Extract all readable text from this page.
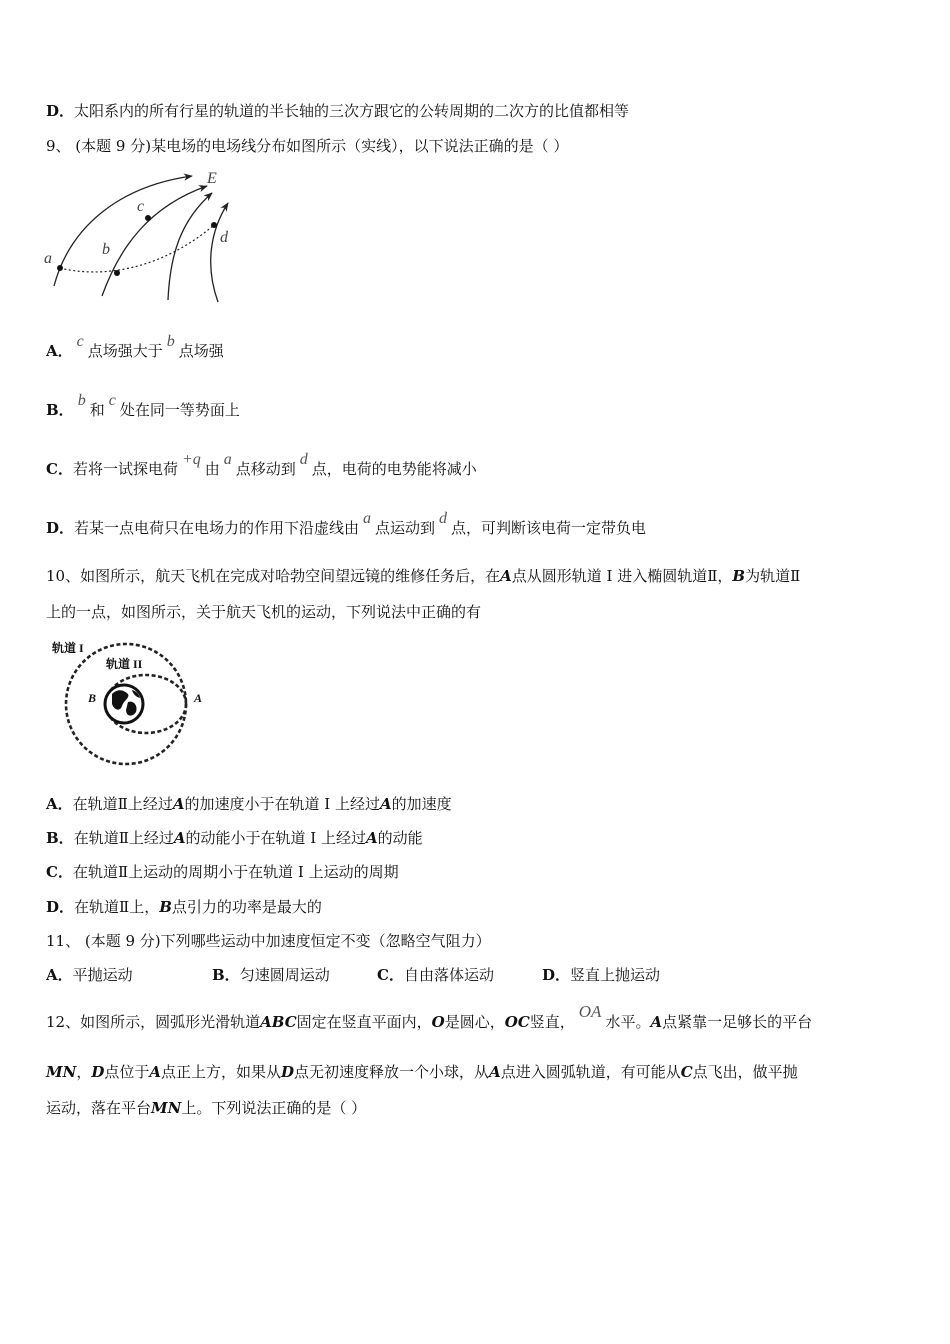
D．太阳系内的所有行星的轨道的半长轴的三次方跟它的公转周期的二次方的比值都相等
9、 (本题 9 分)某电场的电场线分布如图所示（实线），以下说法正确的是（ ）
E
a
b
c
d
A．c点场强大于b点场强
B．b和c处在同一等势面上
C．若将一试探电荷+q由a点移动到d点，电荷的电势能将减小
D．若某一点电荷只在电场力的作用下沿虚线由a点运动到d点，可判断该电荷一定带负电
10、如图所示，航天飞机在完成对哈勃空间望远镜的维修任务后，在A点从圆形轨道 I 进入椭圆轨道Ⅱ，B为轨道Ⅱ
上的一点，如图所示，关于航天飞机的运动，下列说法中正确的有
轨道 I
轨道 II
B	A
A．在轨道Ⅱ上经过A的加速度小于在轨道 I 上经过A的加速度
B．在轨道Ⅱ上经过A的动能小于在轨道 I 上经过A的动能
C．在轨道Ⅱ上运动的周期小于在轨道 I 上运动的周期
D．在轨道Ⅱ上，B点引力的功率是最大的
11、 (本题 9 分)下列哪些运动中加速度恒定不变（忽略空气阻力）
A．平抛运动	B．匀速圆周运动	C．自由落体运动	D．竖直上抛运动
12、如图所示，圆弧形光滑轨道ABC固定在竖直平面内，O是圆心，OC竖直，OA水平。A点紧靠一足够长的平台
MN，D点位于A点正上方，如果从D点无初速度释放一个小球，从A点进入圆弧轨道，有可能从C点飞出，做平抛
运动，落在平台MN上。下列说法正确的是（ ）
